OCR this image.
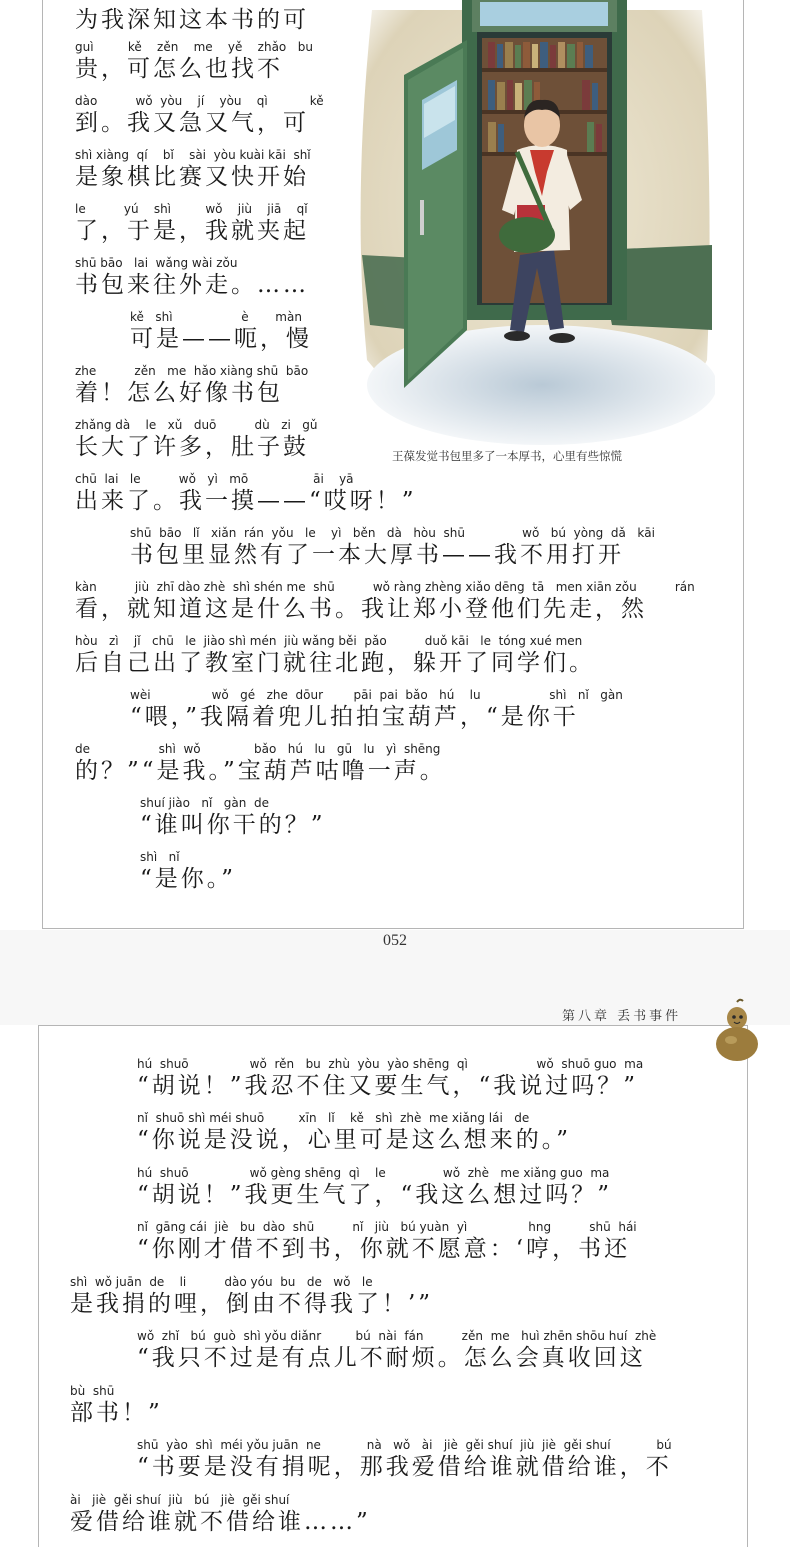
王葆发觉书包里多了一本厚书，心里有些惊慌
052
第八章 丢书事件
为我深知这本书的可
guì         kě    zěn    me    yě    zhǎo   bu
贵，可怎么也找不
dào          wǒ  yòu    jí    yòu    qì           kě
到。我又急又气，可
shì xiàng  qí    bǐ    sài  yòu kuài kāi  shǐ
是象棋比赛又快开始
le          yú    shì         wǒ    jiù    jiā    qǐ
了，于是，我就夹起
shū bāo   lai  wǎng wài zǒu
书包来往外走。……
kě   shì                  è       màn
可是——呃，慢
zhe          zěn   me  hǎo xiàng shū  bāo
着！怎么好像书包
zhǎng dà    le   xǔ   duō          dù   zi   gǔ
长大了许多，肚子鼓
chū  lai   le          wǒ   yì   mō                 āi    yā
出来了。我一摸——“哎呀！”
shū  bāo   lǐ   xiǎn  rán  yǒu   le    yì   běn   dà   hòu  shū               wǒ   bú  yòng  dǎ   kāi
书包里显然有了一本大厚书——我不用打开
kàn          jiù  zhī dào zhè  shì shén me  shū          wǒ ràng zhèng xiǎo dēng  tā   men xiān zǒu          rán
看，就知道这是什么书。我让郑小登他们先走，然
hòu   zì    jǐ   chū   le  jiào shì mén  jiù wǎng běi  pǎo          duǒ kāi   le  tóng xué men
后自己出了教室门就往北跑，躲开了同学们。
wèi                wǒ   gé   zhe  dōur        pāi  pai  bǎo   hú    lu                  shì   nǐ   gàn
“喂，”我隔着兜儿拍拍宝葫芦，“是你干
de                  shì  wǒ              bǎo   hú   lu   gū   lu   yì  shēng
的？”“是我。”宝葫芦咕噜一声。
shuí jiào   nǐ   gàn  de
“谁叫你干的？”
shì   nǐ
“是你。”
hú  shuō                wǒ  rěn   bu  zhù  yòu  yào shēng  qì                  wǒ  shuō guo  ma
“胡说！”我忍不住又要生气，“我说过吗？”
nǐ  shuō shì méi shuō         xīn   lǐ    kě   shì  zhè  me xiǎng lái   de
“你说是没说，心里可是这么想来的。”
hú  shuō                wǒ gèng shēng  qì    le               wǒ  zhè   me xiǎng guo  ma
“胡说！”我更生气了，“我这么想过吗？”
nǐ  gāng cái  jiè   bu  dào  shū          nǐ   jiù   bú yuàn  yì                hng          shū  hái
“你刚才借不到书，你就不愿意：‘哼，书还
shì  wǒ juān  de    li          dào yóu  bu   de   wǒ   le
是我捐的哩，倒由不得我了！’”
wǒ  zhǐ   bú  guò  shì yǒu diǎnr         bú  nài  fán          zěn  me   huì zhēn shōu huí  zhè
“我只不过是有点儿不耐烦。怎么会真收回这
bù  shū
部书！”
shū  yào  shì  méi yǒu juān  ne            nà   wǒ   ài   jiè  gěi shuí  jiù  jiè  gěi shuí            bú
“书要是没有捐呢，那我爱借给谁就借给谁，不
ài   jiè  gěi shuí  jiù   bú   jiè  gěi shuí
爱借给谁就不借给谁……”
